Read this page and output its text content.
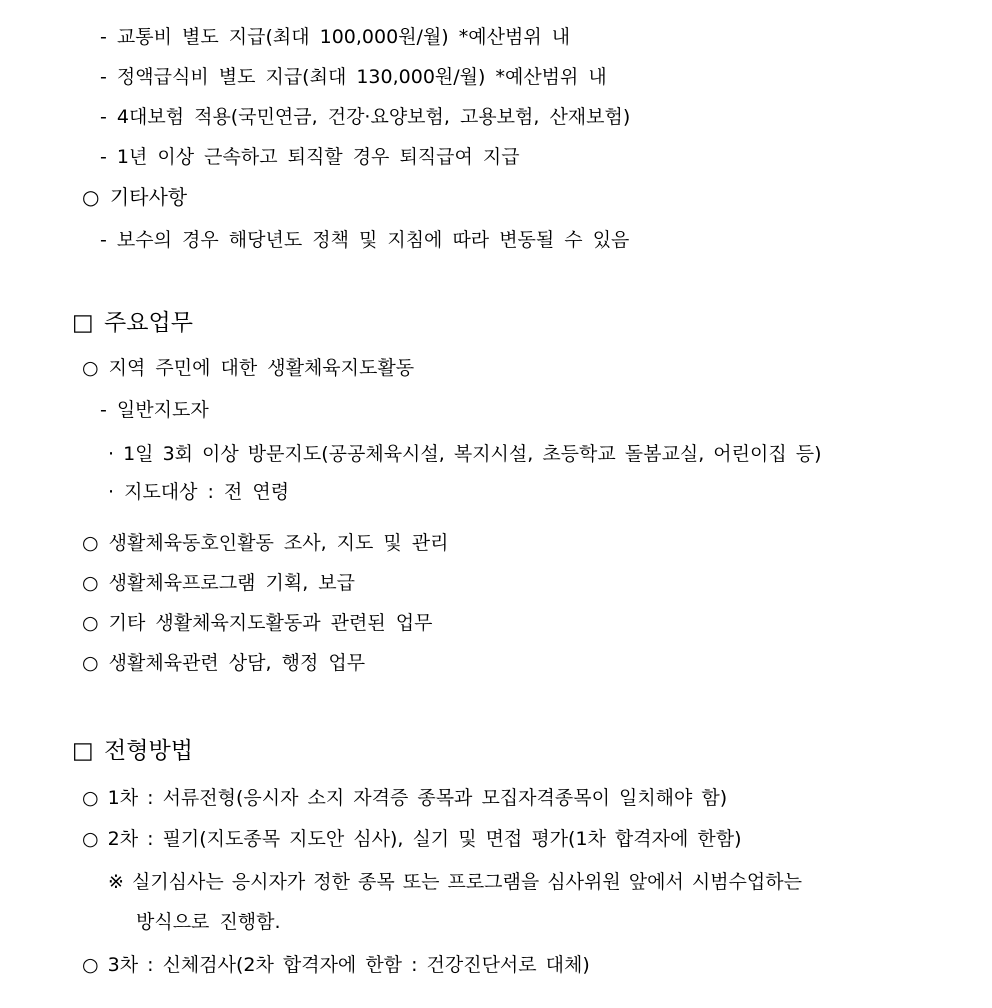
- 교통비 별도 지급(최대 100,000원/월) *예산범위 내
- 정액급식비 별도 지급(최대 130,000원/월) *예산범위 내
- 4대보험 적용(국민연금, 건강·요양보험, 고용보험, 산재보험)
- 1년 이상 근속하고 퇴직할 경우 퇴직급여 지급
○ 기타사항
- 보수의 경우 해당년도 정책 및 지침에 따라 변동될 수 있음
□ 주요업무
○ 지역 주민에 대한 생활체육지도활동
- 일반지도자
· 1일 3회 이상 방문지도(공공체육시설, 복지시설, 초등학교 돌봄교실, 어린이집 등)
· 지도대상 : 전 연령
○ 생활체육동호인활동 조사, 지도 및 관리
○ 생활체육프로그램 기획, 보급
○ 기타 생활체육지도활동과 관련된 업무
○ 생활체육관련 상담, 행정 업무
□ 전형방법
○ 1차 : 서류전형(응시자 소지 자격증 종목과 모집자격종목이 일치해야 함)
○ 2차 : 필기(지도종목 지도안 심사), 실기 및 면접 평가(1차 합격자에 한함)
※ 실기심사는 응시자가 정한 종목 또는 프로그램을 심사위원 앞에서 시범수업하는
방식으로 진행함.
○ 3차 : 신체검사(2차 합격자에 한함 : 건강진단서로 대체)
